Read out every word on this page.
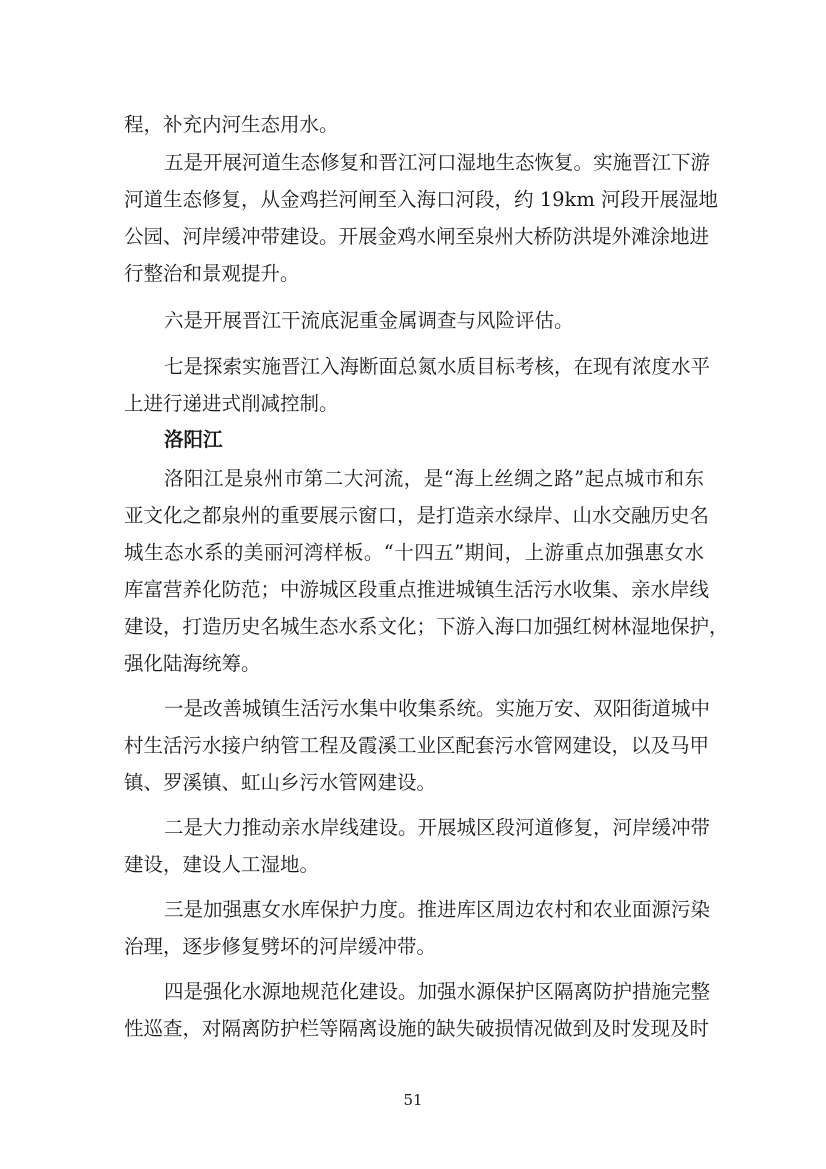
程，补充内河生态用水。

五是开展河道生态修复和晋江河口湿地生态恢复。实施晋江下游

河道生态修复，从金鸡拦河闸至入海口河段，约 19km 河段开展湿地

公园、河岸缓冲带建设。开展金鸡水闸至泉州大桥防洪堤外滩涂地进

行整治和景观提升。

六是开展晋江干流底泥重金属调查与风险评估。

七是探索实施晋江入海断面总氮水质目标考核，在现有浓度水平

上进行递进式削减控制。

洛阳江

洛阳江是泉州市第二大河流，是“海上丝绸之路”起点城市和东

亚文化之都泉州的重要展示窗口，是打造亲水绿岸、山水交融历史名

城生态水系的美丽河湾样板。“十四五”期间，上游重点加强惠女水

库富营养化防范；中游城区段重点推进城镇生活污水收集、亲水岸线

建设，打造历史名城生态水系文化；下游入海口加强红树林湿地保护，

强化陆海统筹。

一是改善城镇生活污水集中收集系统。实施万安、双阳街道城中

村生活污水接户纳管工程及霞溪工业区配套污水管网建设，以及马甲

镇、罗溪镇、虹山乡污水管网建设。

二是大力推动亲水岸线建设。开展城区段河道修复，河岸缓冲带

建设，建设人工湿地。

三是加强惠女水库保护力度。推进库区周边农村和农业面源污染

治理，逐步修复劈坏的河岸缓冲带。

四是强化水源地规范化建设。加强水源保护区隔离防护措施完整

性巡查，对隔离防护栏等隔离设施的缺失破损情况做到及时发现及时

51
